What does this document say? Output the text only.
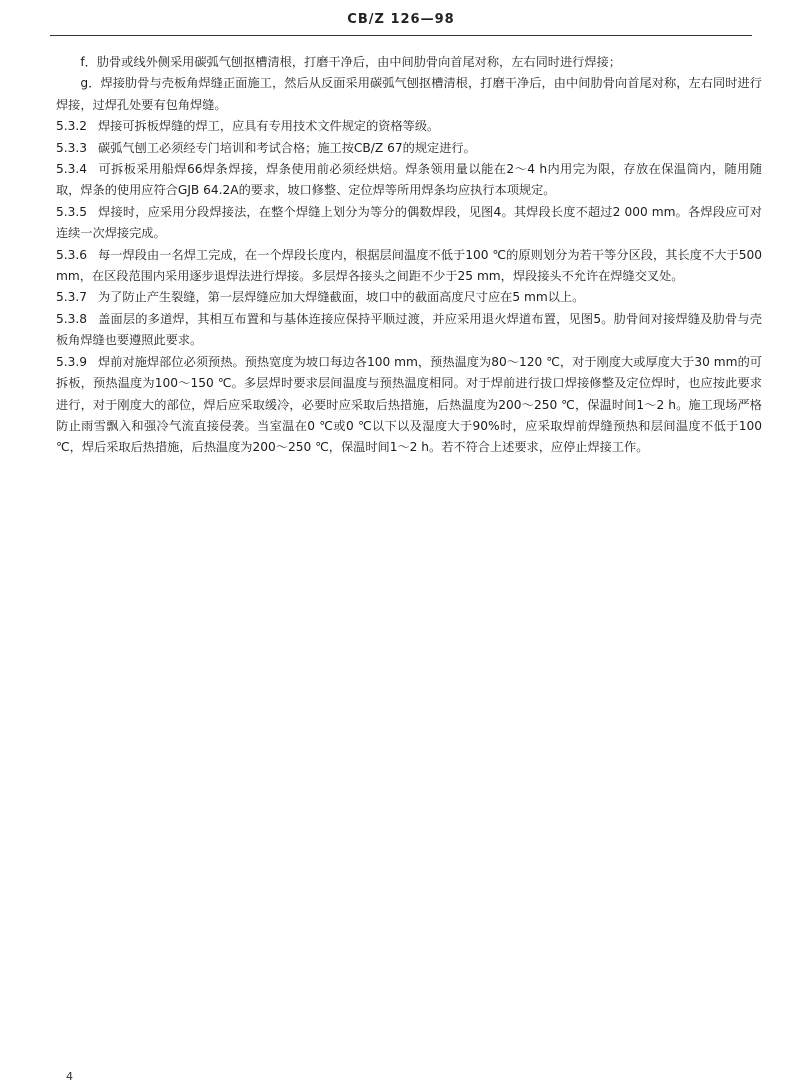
CB/Z 126—98

f．肋骨或线外侧采用碳弧气刨抠槽清根，打磨干净后，由中间肋骨向首尾对称，左右同时进行焊接；

g．焊接肋骨与壳板角焊缝正面施工，然后从反面采用碳弧气刨抠槽清根，打磨干净后，由中间肋骨向首尾对称，左右同时进行焊接，过焊孔处要有包角焊缝。

5.3.2 焊接可拆板焊缝的焊工，应具有专用技术文件规定的资格等级。

5.3.3 碳弧气刨工必须经专门培训和考试合格；施工按CB/Z 67的规定进行。

5.3.4 可拆板采用船焊66焊条焊接，焊条使用前必须经烘焙。焊条领用量以能在2～4 h内用完为限，存放在保温筒内，随用随取，焊条的使用应符合GJB 64.2A的要求，坡口修整、定位焊等所用焊条均应执行本项规定。

5.3.5 焊接时，应采用分段焊接法，在整个焊缝上划分为等分的偶数焊段，见图4。其焊段长度不超过2 000 mm。各焊段应可对连续一次焊接完成。

5.3.6 每一焊段由一名焊工完成，在一个焊段长度内，根据层间温度不低于100 ℃的原则划分为若干等分区段，其长度不大于500 mm，在区段范围内采用逐步退焊法进行焊接。多层焊各接头之间距不少于25 mm，焊段接头不允许在焊缝交叉处。

5.3.7 为了防止产生裂缝，第一层焊缝应加大焊缝截面，坡口中的截面高度尺寸应在5 mm以上。

5.3.8 盖面层的多道焊，其相互布置和与基体连接应保持平顺过渡，并应采用退火焊道布置，见图5。肋骨间对接焊缝及肋骨与壳板角焊缝也要遵照此要求。

5.3.9 焊前对施焊部位必须预热。预热宽度为坡口每边各100 mm，预热温度为80～120 ℃，对于刚度大或厚度大于30 mm的可拆板，预热温度为100～150 ℃。多层焊时要求层间温度与预热温度相同。对于焊前进行拔口焊接修整及定位焊时，也应按此要求进行，对于刚度大的部位，焊后应采取缓冷，必要时应采取后热措施，后热温度为200～250 ℃，保温时间1～2 h。施工现场严格防止雨雪飘入和强冷气流直接侵袭。当室温在0 ℃或0 ℃以下以及湿度大于90%时，应采取焊前焊缝预热和层间温度不低于100 ℃，焊后采取后热措施，后热温度为200～250 ℃，保温时间1～2 h。若不符合上述要求，应停止焊接工作。

4
